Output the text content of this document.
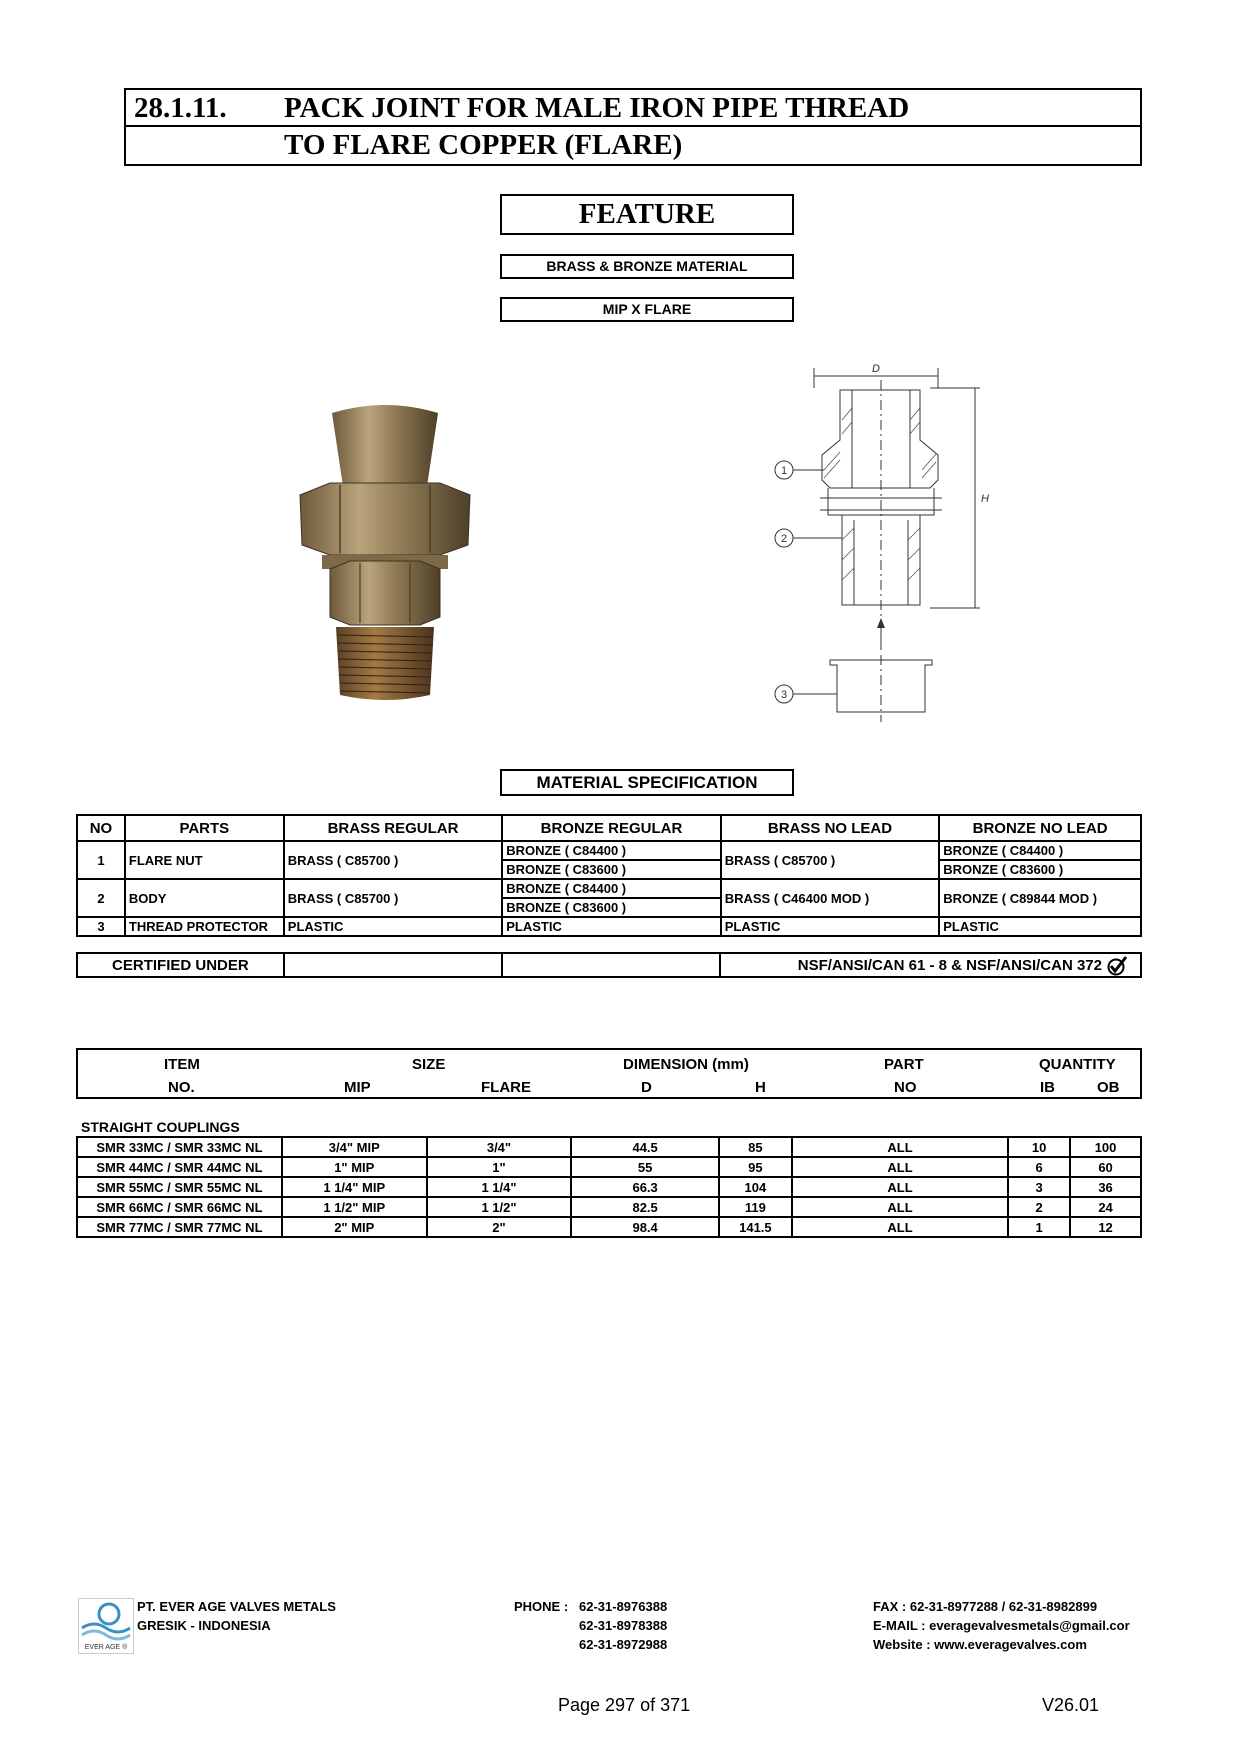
28.1.11. PACK JOINT FOR MALE IRON PIPE THREAD
TO FLARE COPPER (FLARE)
FEATURE
BRASS & BRONZE MATERIAL
MIP X FLARE
D
H
1
2
3
MATERIAL SPECIFICATION
NO	PARTS	BRASS REGULAR	BRONZE REGULAR	BRASS NO LEAD	BRONZE NO LEAD
1	FLARE NUT	BRASS ( C85700 )	BRONZE ( C84400 )	BRASS ( C85700 )	BRONZE ( C84400 )
			BRONZE ( C83600 )		BRONZE ( C83600 )
2	BODY	BRASS ( C85700 )	BRONZE ( C84400 )	BRASS ( C46400 MOD )	BRONZE ( C89844 MOD )
			BRONZE ( C83600 )		
3	THREAD PROTECTOR	PLASTIC	PLASTIC	PLASTIC	PLASTIC
CERTIFIED UNDER			NSF/ANSI/CAN 61 - 8 & NSF/ANSI/CAN 372
ITEM
NO.
SIZE
MIP	FLARE
DIMENSION (mm)
D	H
PART
NO
QUANTITY
IB	OB
STRAIGHT COUPLINGS
SMR 33MC / SMR 33MC NL	3/4" MIP	3/4"	44.5	85	ALL	10	100
SMR 44MC / SMR 44MC NL	1" MIP	1"	55	95	ALL	6	60
SMR 55MC / SMR 55MC NL	1 1/4" MIP	1 1/4"	66.3	104	ALL	3	36
SMR 66MC / SMR 66MC NL	1 1/2" MIP	1 1/2"	82.5	119	ALL	2	24
SMR 77MC / SMR 77MC NL	2" MIP	2"	98.4	141.5	ALL	1	12
EVER AGE ®
PT. EVER AGE VALVES METALS
GRESIK - INDONESIA
PHONE : 62-31-8976388
62-31-8978388
62-31-8972988
FAX : 62-31-8977288 / 62-31-8982899
E-MAIL : everagevalvesmetals@gmail.cor
Website : www.everagevalves.com
Page 297 of 371	V26.01
